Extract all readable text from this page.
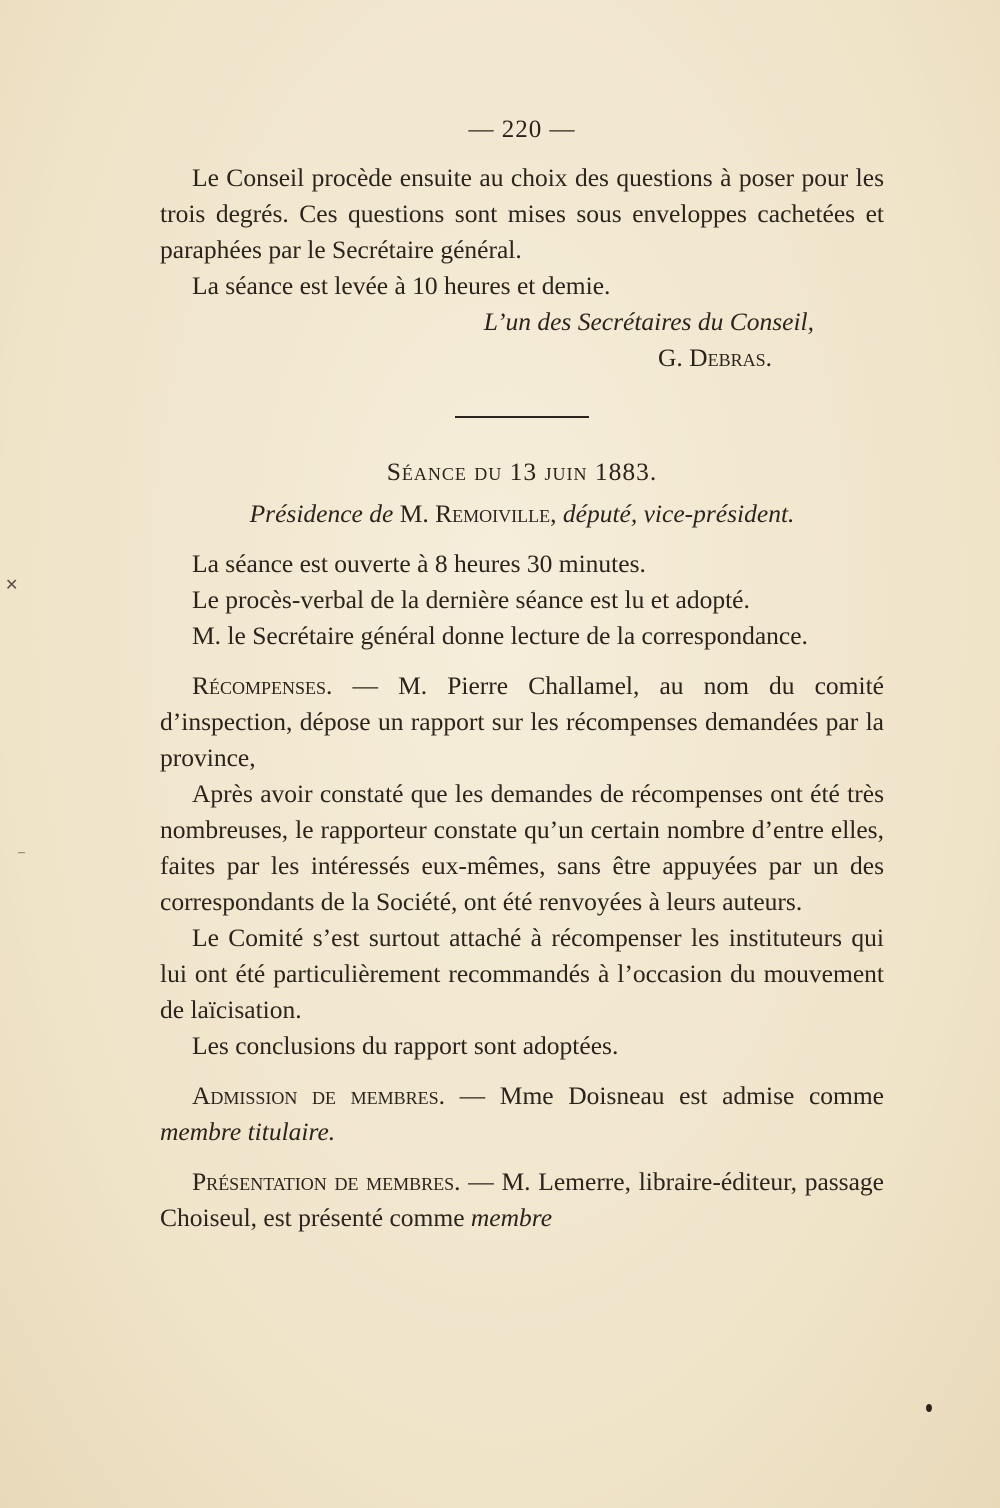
— 220 —

Le Conseil procède ensuite au choix des questions à poser pour les trois degrés. Ces questions sont mises sous enveloppes cachetées et paraphées par le Secrétaire général.

La séance est levée à 10 heures et demie.

L’un des Secrétaires du Conseil,

G. Debras.

Séance du 13 juin 1883.

Présidence de M. Remoiville, député, vice-président.

La séance est ouverte à 8 heures 30 minutes.

Le procès-verbal de la dernière séance est lu et adopté.

M. le Secrétaire général donne lecture de la correspondance.

Récompenses. — M. Pierre Challamel, au nom du comité d’inspection, dépose un rapport sur les récompenses demandées par la province,

Après avoir constaté que les demandes de récompenses ont été très nombreuses, le rapporteur constate qu’un certain nombre d’entre elles, faites par les intéressés eux-mêmes, sans être appuyées par un des correspondants de la Société, ont été renvoyées à leurs auteurs.

Le Comité s’est surtout attaché à récompenser les instituteurs qui lui ont été particulièrement recommandés à l’occasion du mouvement de laïcisation.

Les conclusions du rapport sont adoptées.

Admission de membres. — Mme Doisneau est admise comme membre titulaire.

Présentation de membres. — M. Lemerre, libraire-éditeur, passage Choiseul, est présenté comme membre

✕
–
